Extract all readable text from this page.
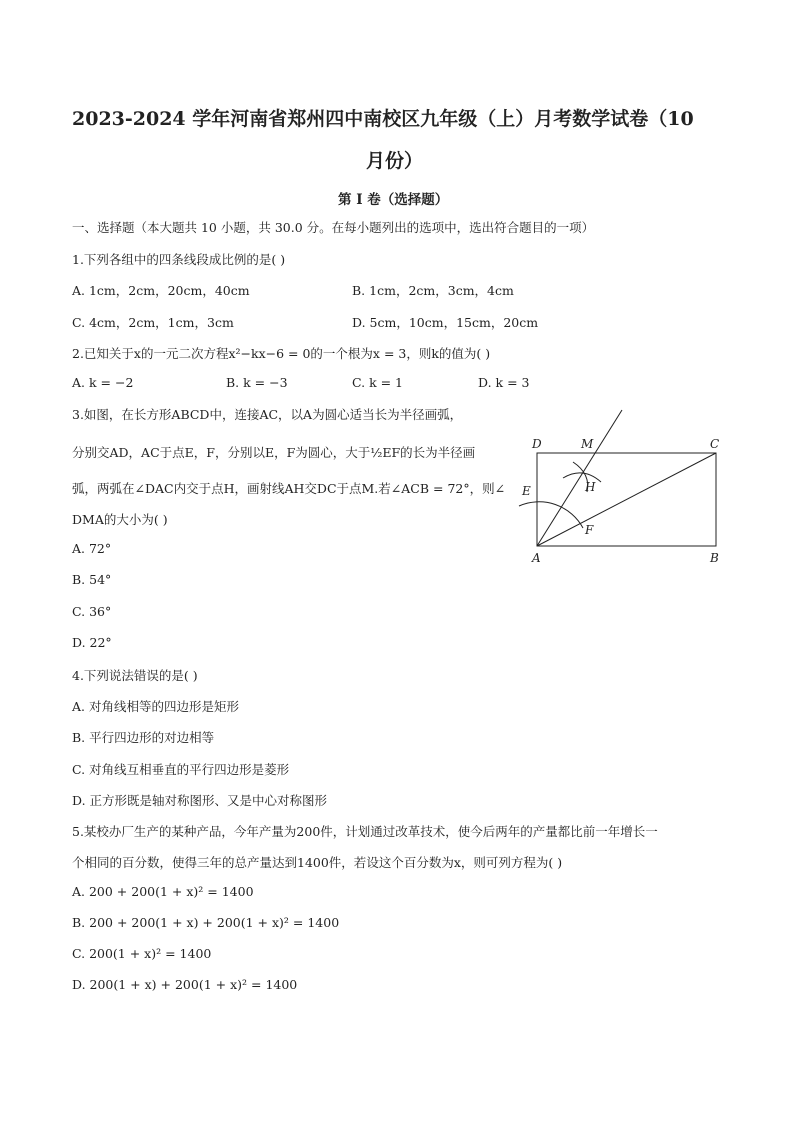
2023-2024 学年河南省郑州四中南校区九年级（上）月考数学试卷（10
月份）
第 I 卷（选择题）
一、选择题（本大题共 10 小题，共 30.0 分。在每小题列出的选项中，选出符合题目的一项）
1.下列各组中的四条线段成比例的是( )
A. 1cm，2cm，20cm，40cm	B. 1cm，2cm，3cm，4cm
C. 4cm，2cm，1cm，3cm	D. 5cm，10cm，15cm，20cm
2.已知关于x的一元二次方程x²−kx−6 = 0的一个根为x = 3，则k的值为( )
A. k = −2	B. k = −3	C. k = 1	D. k = 3
3.如图，在长方形ABCD中，连接AC，以A为圆心适当长为半径画弧，
分别交AD，AC于点E，F，分别以E，F为圆心，大于½EF的长为半径画
弧，两弧在∠DAC内交于点H，画射线AH交DC于点M.若∠ACB = 72°，则∠
DMA的大小为( )
A. 72°
B. 54°
C. 36°
D. 22°
A	B
C
D
E
F
M
H
4.下列说法错误的是( )
A. 对角线相等的四边形是矩形
B. 平行四边形的对边相等
C. 对角线互相垂直的平行四边形是菱形
D. 正方形既是轴对称图形、又是中心对称图形
5.某校办厂生产的某种产品，今年产量为200件，计划通过改革技术，使今后两年的产量都比前一年增长一
个相同的百分数，使得三年的总产量达到1400件，若设这个百分数为x，则可列方程为( )
A. 200 + 200(1 + x)² = 1400
B. 200 + 200(1 + x) + 200(1 + x)² = 1400
C. 200(1 + x)² = 1400
D. 200(1 + x) + 200(1 + x)² = 1400
